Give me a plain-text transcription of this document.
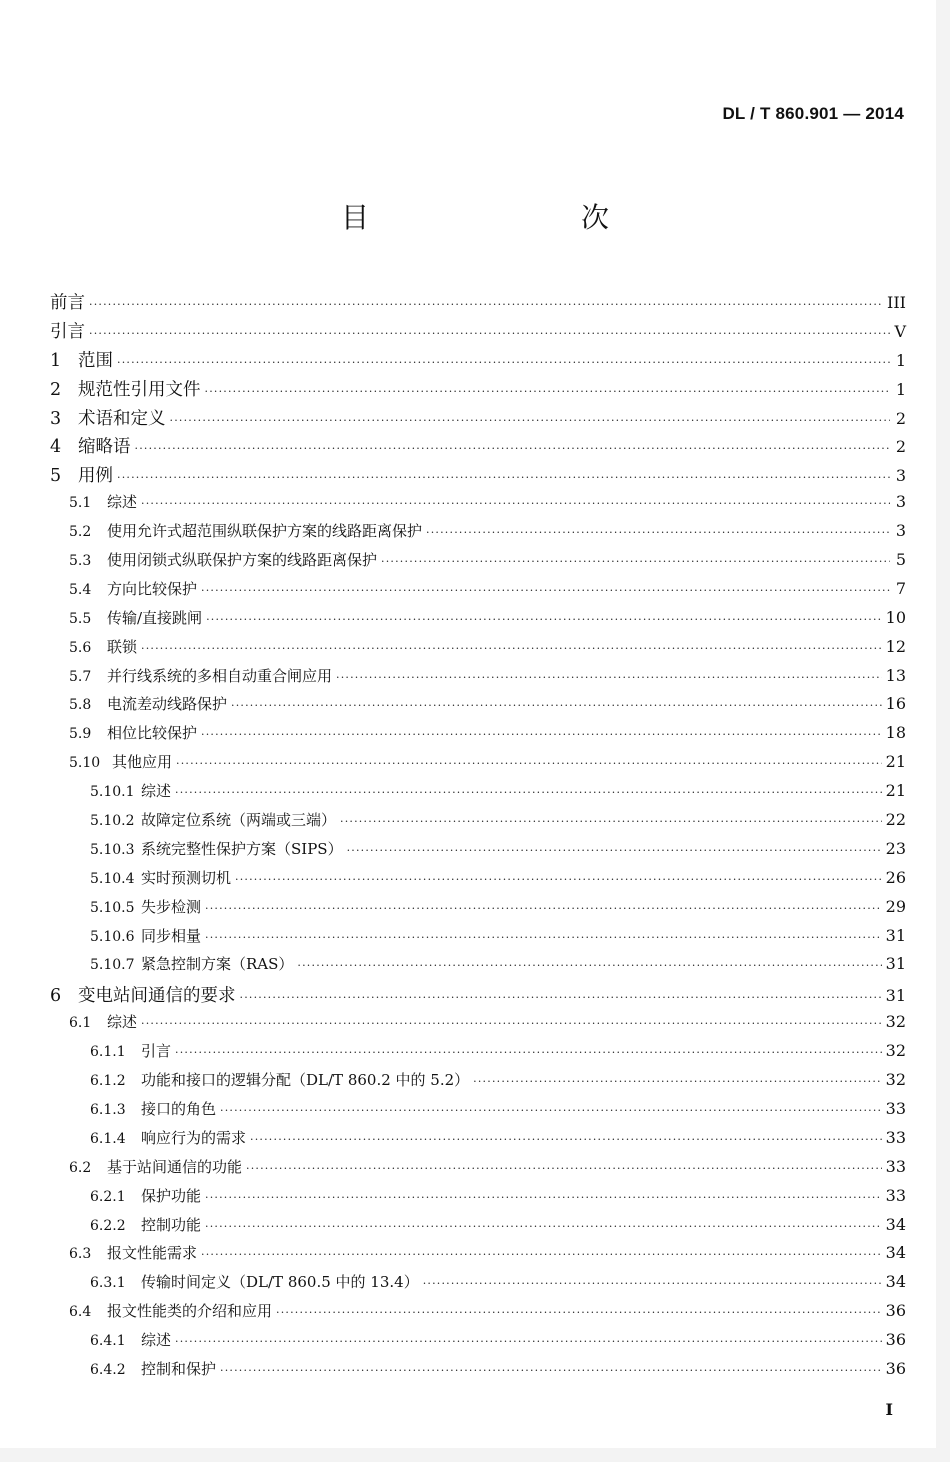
DL / T 860.901 — 2014
目　　次
前言 ·····	III
引言 ·····	V
1 范围 ·····	1
2 规范性引用文件 ·····	1
3 术语和定义 ·····	2
4 缩略语 ·····	2
5 用例 ·····	3
5.1	综述 ·····	3
5.2	使用允许式超范围纵联保护方案的线路距离保护 ·····	3
5.3	使用闭锁式纵联保护方案的线路距离保护 ·····	5
5.4	方向比较保护 ·····	7
5.5	传输/直接跳闸 ·····	10
5.6	联锁 ·····	12
5.7	并行线系统的多相自动重合闸应用 ·····	13
5.8	电流差动线路保护 ·····	16
5.9	相位比较保护 ·····	18
5.10 其他应用 ·····	21
5.10.1 综述 ·····	21
5.10.2 故障定位系统（两端或三端） ·····	22
5.10.3 系统完整性保护方案（SIPS） ·····	23
5.10.4 实时预测切机 ·····	26
5.10.5 失步检测 ·····	29
5.10.6 同步相量 ·····	31
5.10.7 紧急控制方案（RAS） ·····	31
6 变电站间通信的要求 ·····	31
6.1	综述 ·····	32
6.1.1	引言 ·····	32
6.1.2	功能和接口的逻辑分配（DL/T 860.2 中的 5.2） ·····	32
6.1.3	接口的角色 ·····	33
6.1.4	响应行为的需求 ·····	33
6.2	基于站间通信的功能 ·····	33
6.2.1	保护功能 ·····	33
6.2.2	控制功能 ·····	34
6.3	报文性能需求 ·····	34
6.3.1	传输时间定义（DL/T 860.5 中的 13.4） ·····	34
6.4	报文性能类的介绍和应用 ·····	36
6.4.1	综述 ·····	36
6.4.2	控制和保护 ·····	36
I
